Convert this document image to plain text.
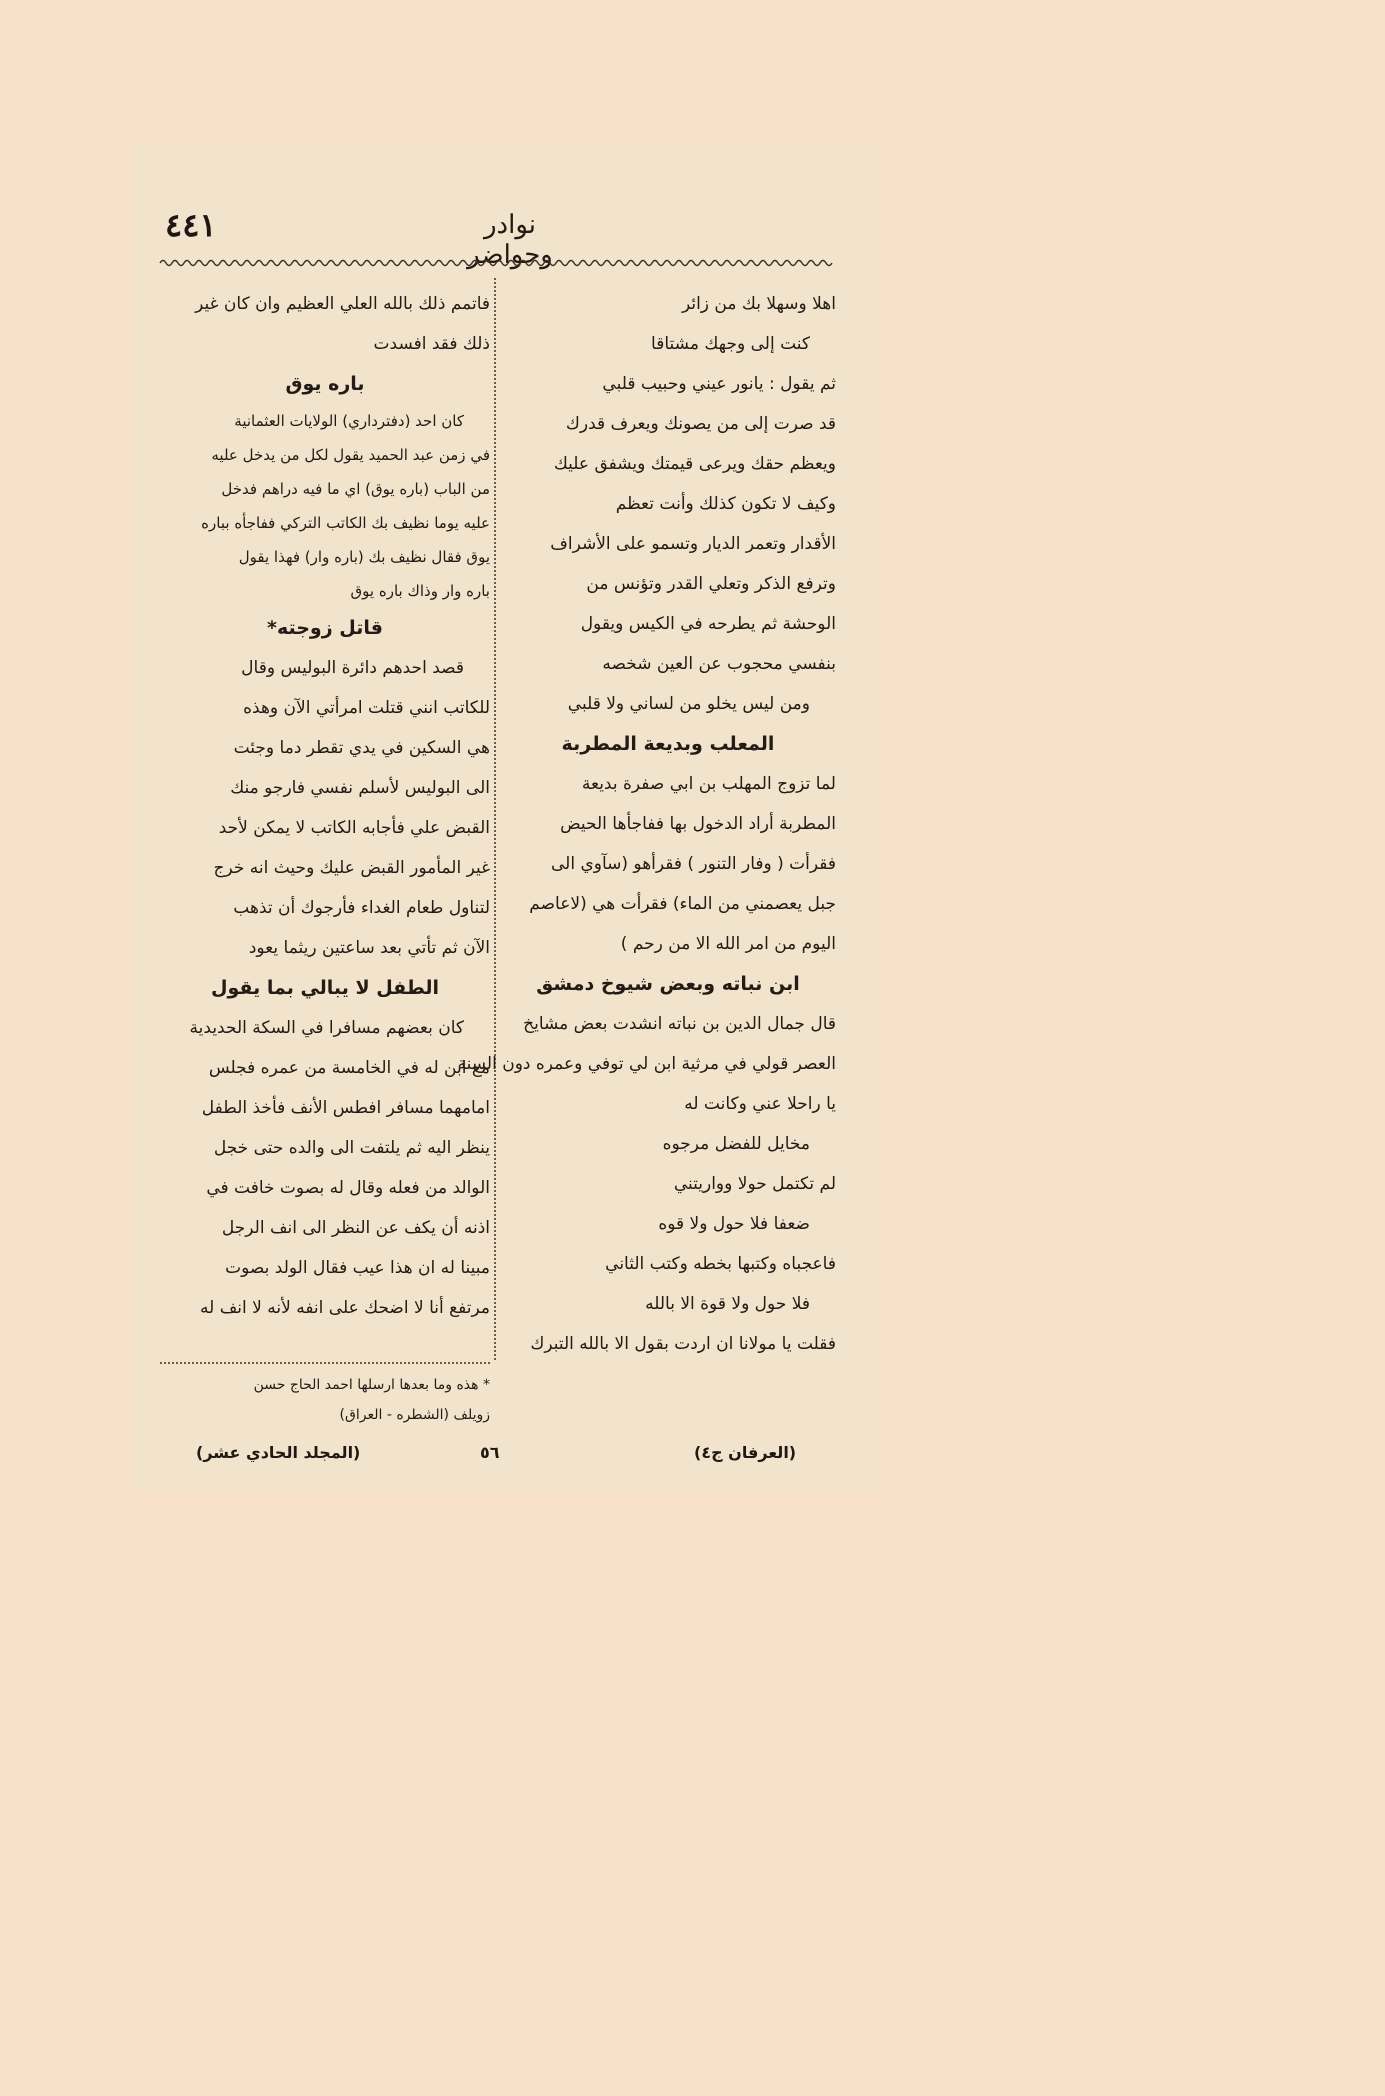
٤٤١	نوادر وحواضر
اهلا وسهلا بك من زائر
كنت إلى وجهك مشتاقا
ثم يقول : يانور عيني وحبيب قلبي
قد صرت إلى من يصونك ويعرف قدرك
ويعظم حقك ويرعى قيمتك ويشفق عليك
وكيف لا تكون كذلك وأنت تعظم
الأقدار وتعمر الديار وتسمو على الأشراف
وترفع الذكر وتعلي القدر وتؤنس من
الوحشة ثم يطرحه في الكيس ويقول
بنفسي محجوب عن العين شخصه
ومن ليس يخلو من لساني ولا قلبي
المعلب وبديعة المطربة
لما تزوج المهلب بن ابي صفرة بديعة
المطربة أراد الدخول بها ففاجأها الحيض
فقرأت ( وفار التنور ) فقرأهو (سآوي الى
جبل يعصمني من الماء) فقرأت هي (لاعاصم
اليوم من امر الله الا من رحم )
ابن نباته وبعض شيوخ دمشق
قال جمال الدين بن نباته انشدت بعض مشايخ
العصر قولي في مرثية ابن لي توفي وعمره دون السنة
يا راحلا عني وكانت له
مخايل للفضل مرجوه
لم تكتمل حولا وواريتني
ضعفا فلا حول ولا قوه
فاعجباه وكتبها بخطه وكتب الثاني
فلا حول ولا قوة الا بالله
فقلت يا مولانا ان اردت بقول الا بالله التبرك
فاتمم ذلك بالله العلي العظيم وان كان غير
ذلك فقد افسدت
باره يوق
كان احد (دفترداري) الولايات العثمانية
في زمن عبد الحميد يقول لكل من يدخل عليه
من الباب (باره يوق) اي ما فيه دراهم فدخل
عليه يوما نظيف بك الكاتب التركي ففاجأه بباره
يوق فقال نظيف بك (باره وار) فهذا يقول
باره وار وذاك باره يوق
قاتل زوجته*
قصد احدهم دائرة البوليس وقال
للكاتب انني قتلت امرأتي الآن وهذه
هي السكين في يدي تقطر دما وجئت
الى البوليس لأسلم نفسي فارجو منك
القبض علي فأجابه الكاتب لا يمكن لأحد
غير المأمور القبض عليك وحيث انه خرج
لتناول طعام الغداء فأرجوك أن تذهب
الآن ثم تأتي بعد ساعتين ريثما يعود
الطفل لا يبالي بما يقول
كان بعضهم مسافرا في السكة الحديدية
مع ابن له في الخامسة من عمره فجلس
امامهما مسافر افطس الأنف فأخذ الطفل
ينظر اليه ثم يلتفت الى والده حتى خجل
الوالد من فعله وقال له بصوت خافت في
اذنه أن يكف عن النظر الى انف الرجل
مبينا له ان هذا عيب فقال الولد بصوت
مرتفع أنا لا اضحك على انفه لأنه لا انف له
* هذه وما بعدها ارسلها احمد الحاج حسن
زويلف (الشطره - العراق)
(المجلد الحادي عشر)	٥٦	(العرفان ج٤)
